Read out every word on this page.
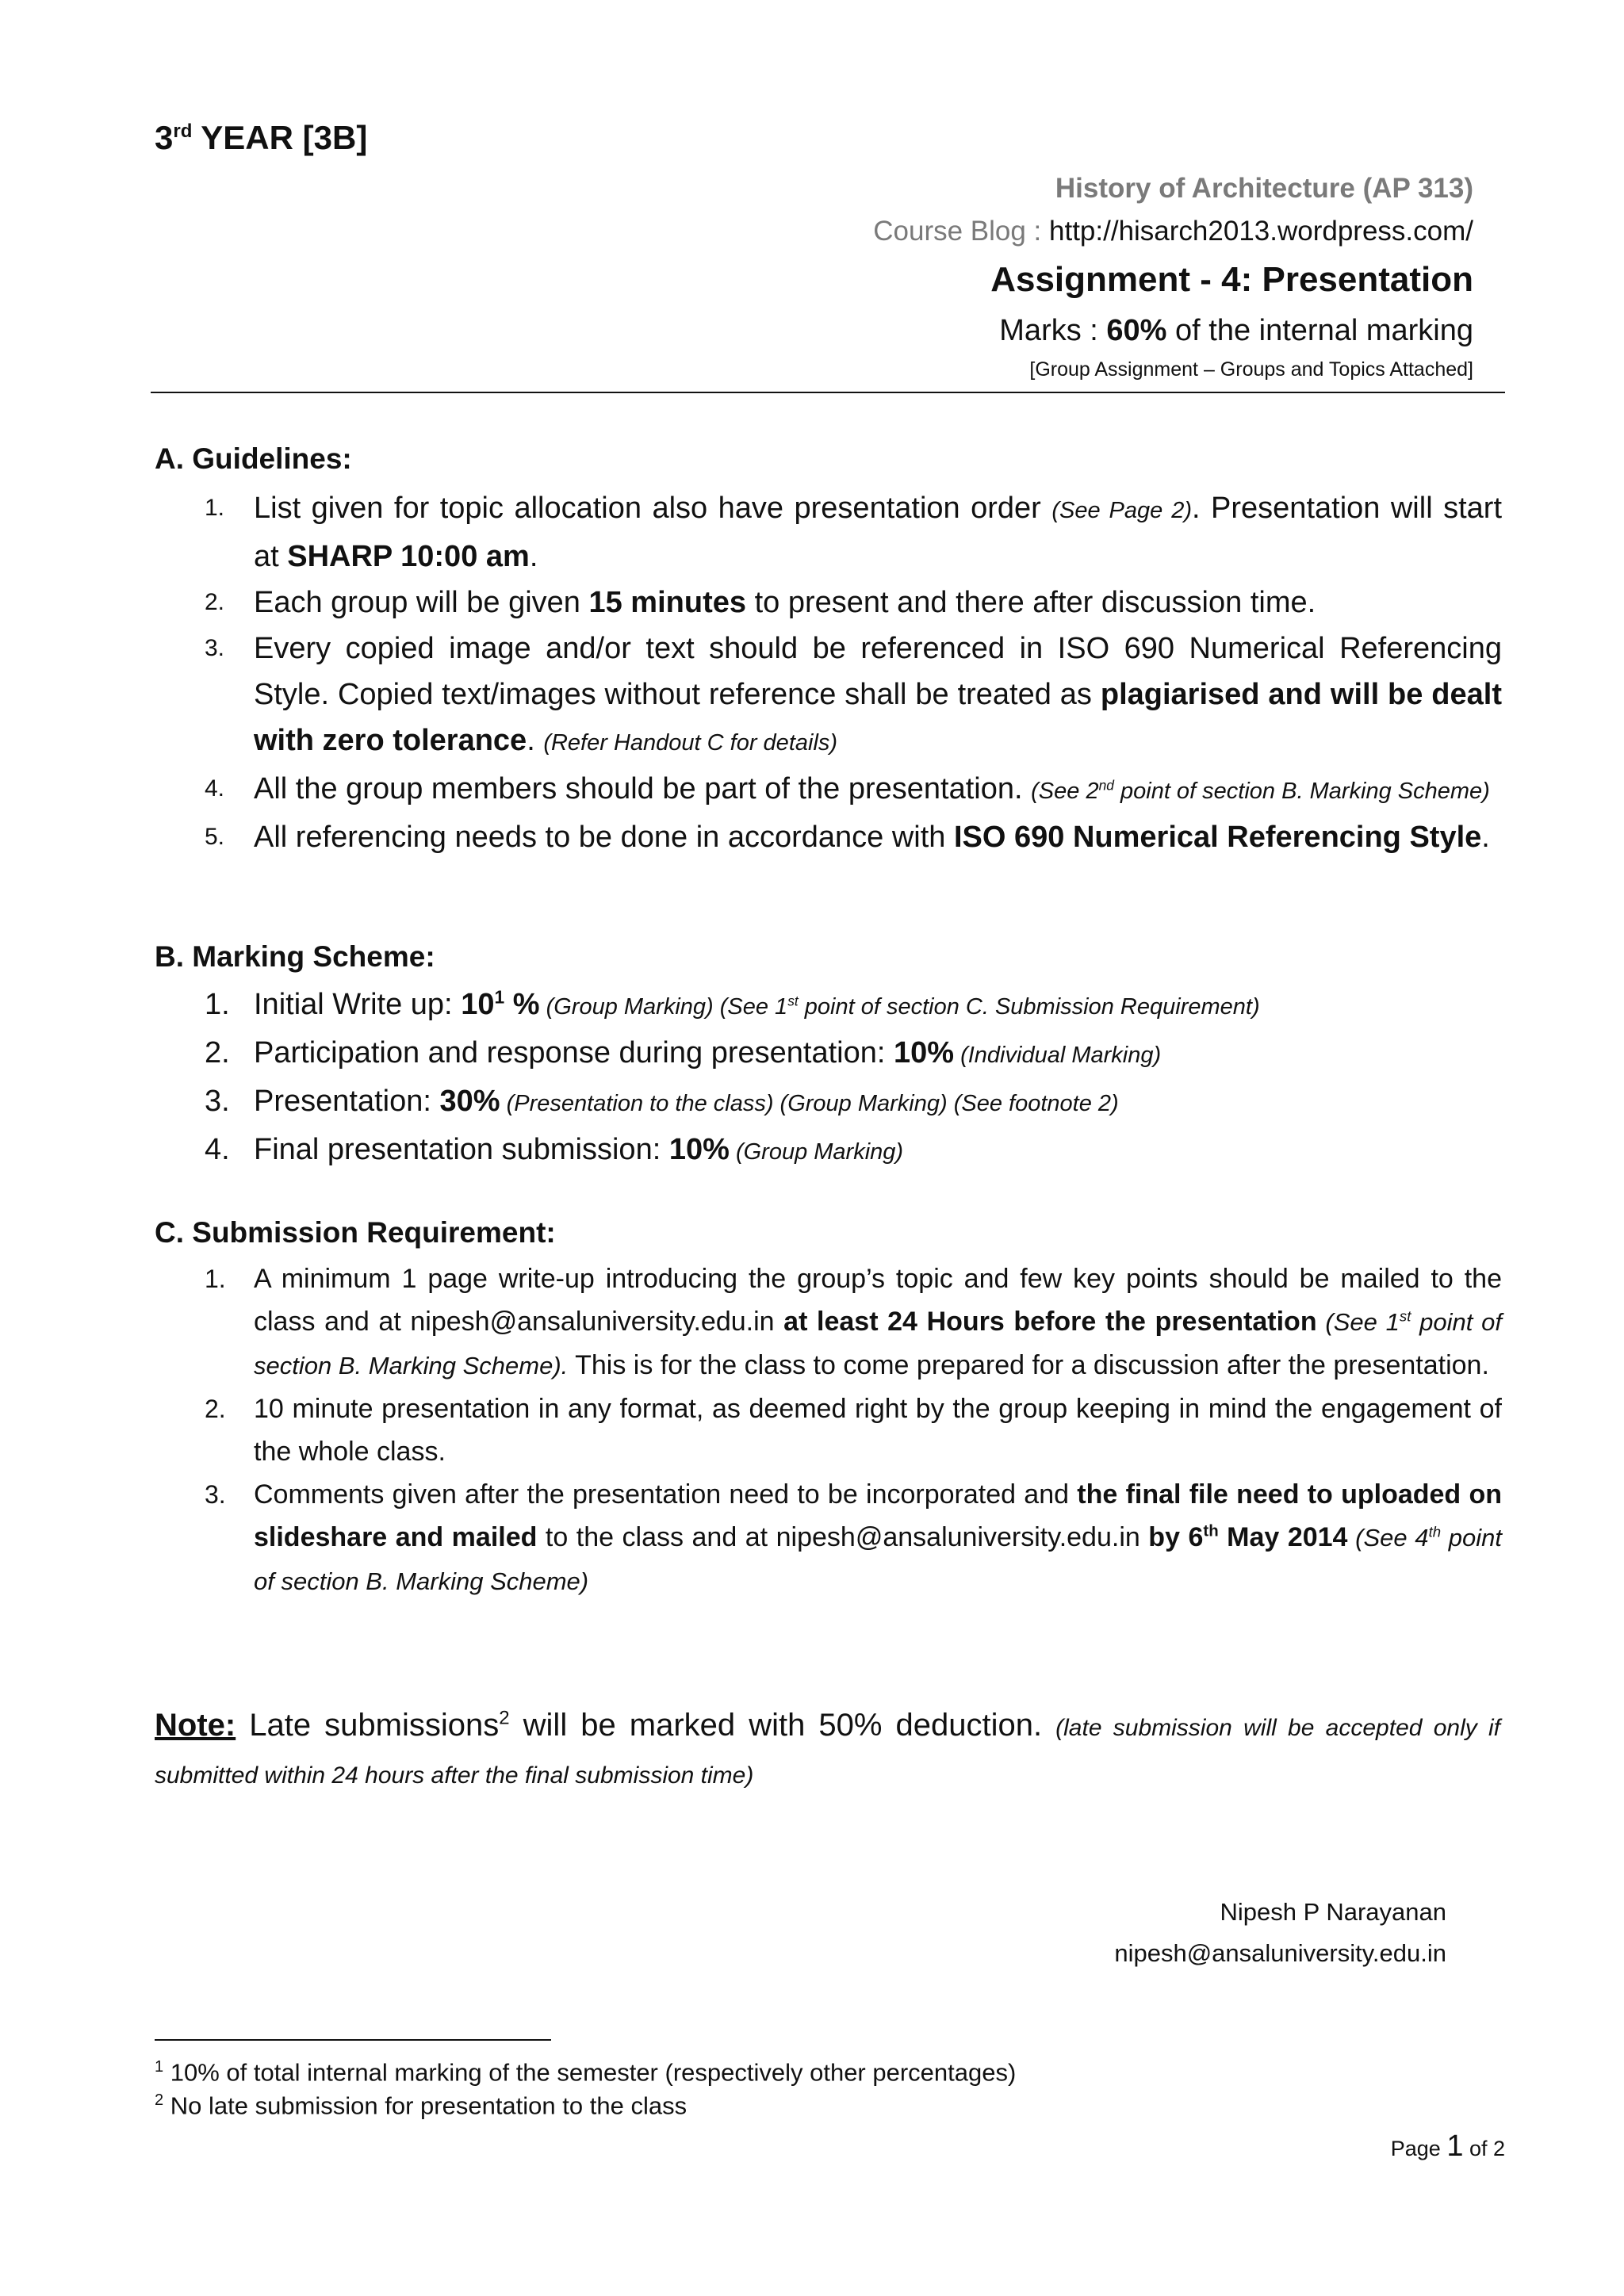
3rd YEAR [3B]
History of Architecture (AP 313)
Course Blog : http://hisarch2013.wordpress.com/
Assignment - 4: Presentation
Marks : 60% of the internal marking
[Group Assignment – Groups and Topics Attached]
A. Guidelines:
1. List given for topic allocation also have presentation order (See Page 2). Presentation will start at SHARP 10:00 am.
2. Each group will be given 15 minutes to present and there after discussion time.
3. Every copied image and/or text should be referenced in ISO 690 Numerical Referencing Style. Copied text/images without reference shall be treated as plagiarised and will be dealt with zero tolerance. (Refer Handout C for details)
4. All the group members should be part of the presentation. (See 2nd point of section B. Marking Scheme)
5. All referencing needs to be done in accordance with ISO 690 Numerical Referencing Style.
B. Marking Scheme:
1. Initial Write up: $10^1$ % (Group Marking) (See 1st point of section C. Submission Requirement)
2. Participation and response during presentation: 10% (Individual Marking)
3. Presentation: 30% (Presentation to the class) (Group Marking) (See footnote 2)
4. Final presentation submission: 10% (Group Marking)
C. Submission Requirement:
1. A minimum 1 page write-up introducing the group’s topic and few key points should be mailed to the class and at nipesh@ansaluniversity.edu.in at least 24 Hours before the presentation (See 1st point of section B. Marking Scheme). This is for the class to come prepared for a discussion after the presentation.
2. 10 minute presentation in any format, as deemed right by the group keeping in mind the engagement of the whole class.
3. Comments given after the presentation need to be incorporated and the final file need to uploaded on slideshare and mailed to the class and at nipesh@ansaluniversity.edu.in by 6th May 2014 (See 4th point of section B. Marking Scheme)
Note: Late submissions$^2$ will be marked with 50% deduction. (late submission will be accepted only if submitted within 24 hours after the final submission time)
Nipesh P Narayanan
nipesh@ansaluniversity.edu.in
$^1$ 10% of total internal marking of the semester (respectively other percentages)
$^2$ No late submission for presentation to the class
Page 1 of 2
